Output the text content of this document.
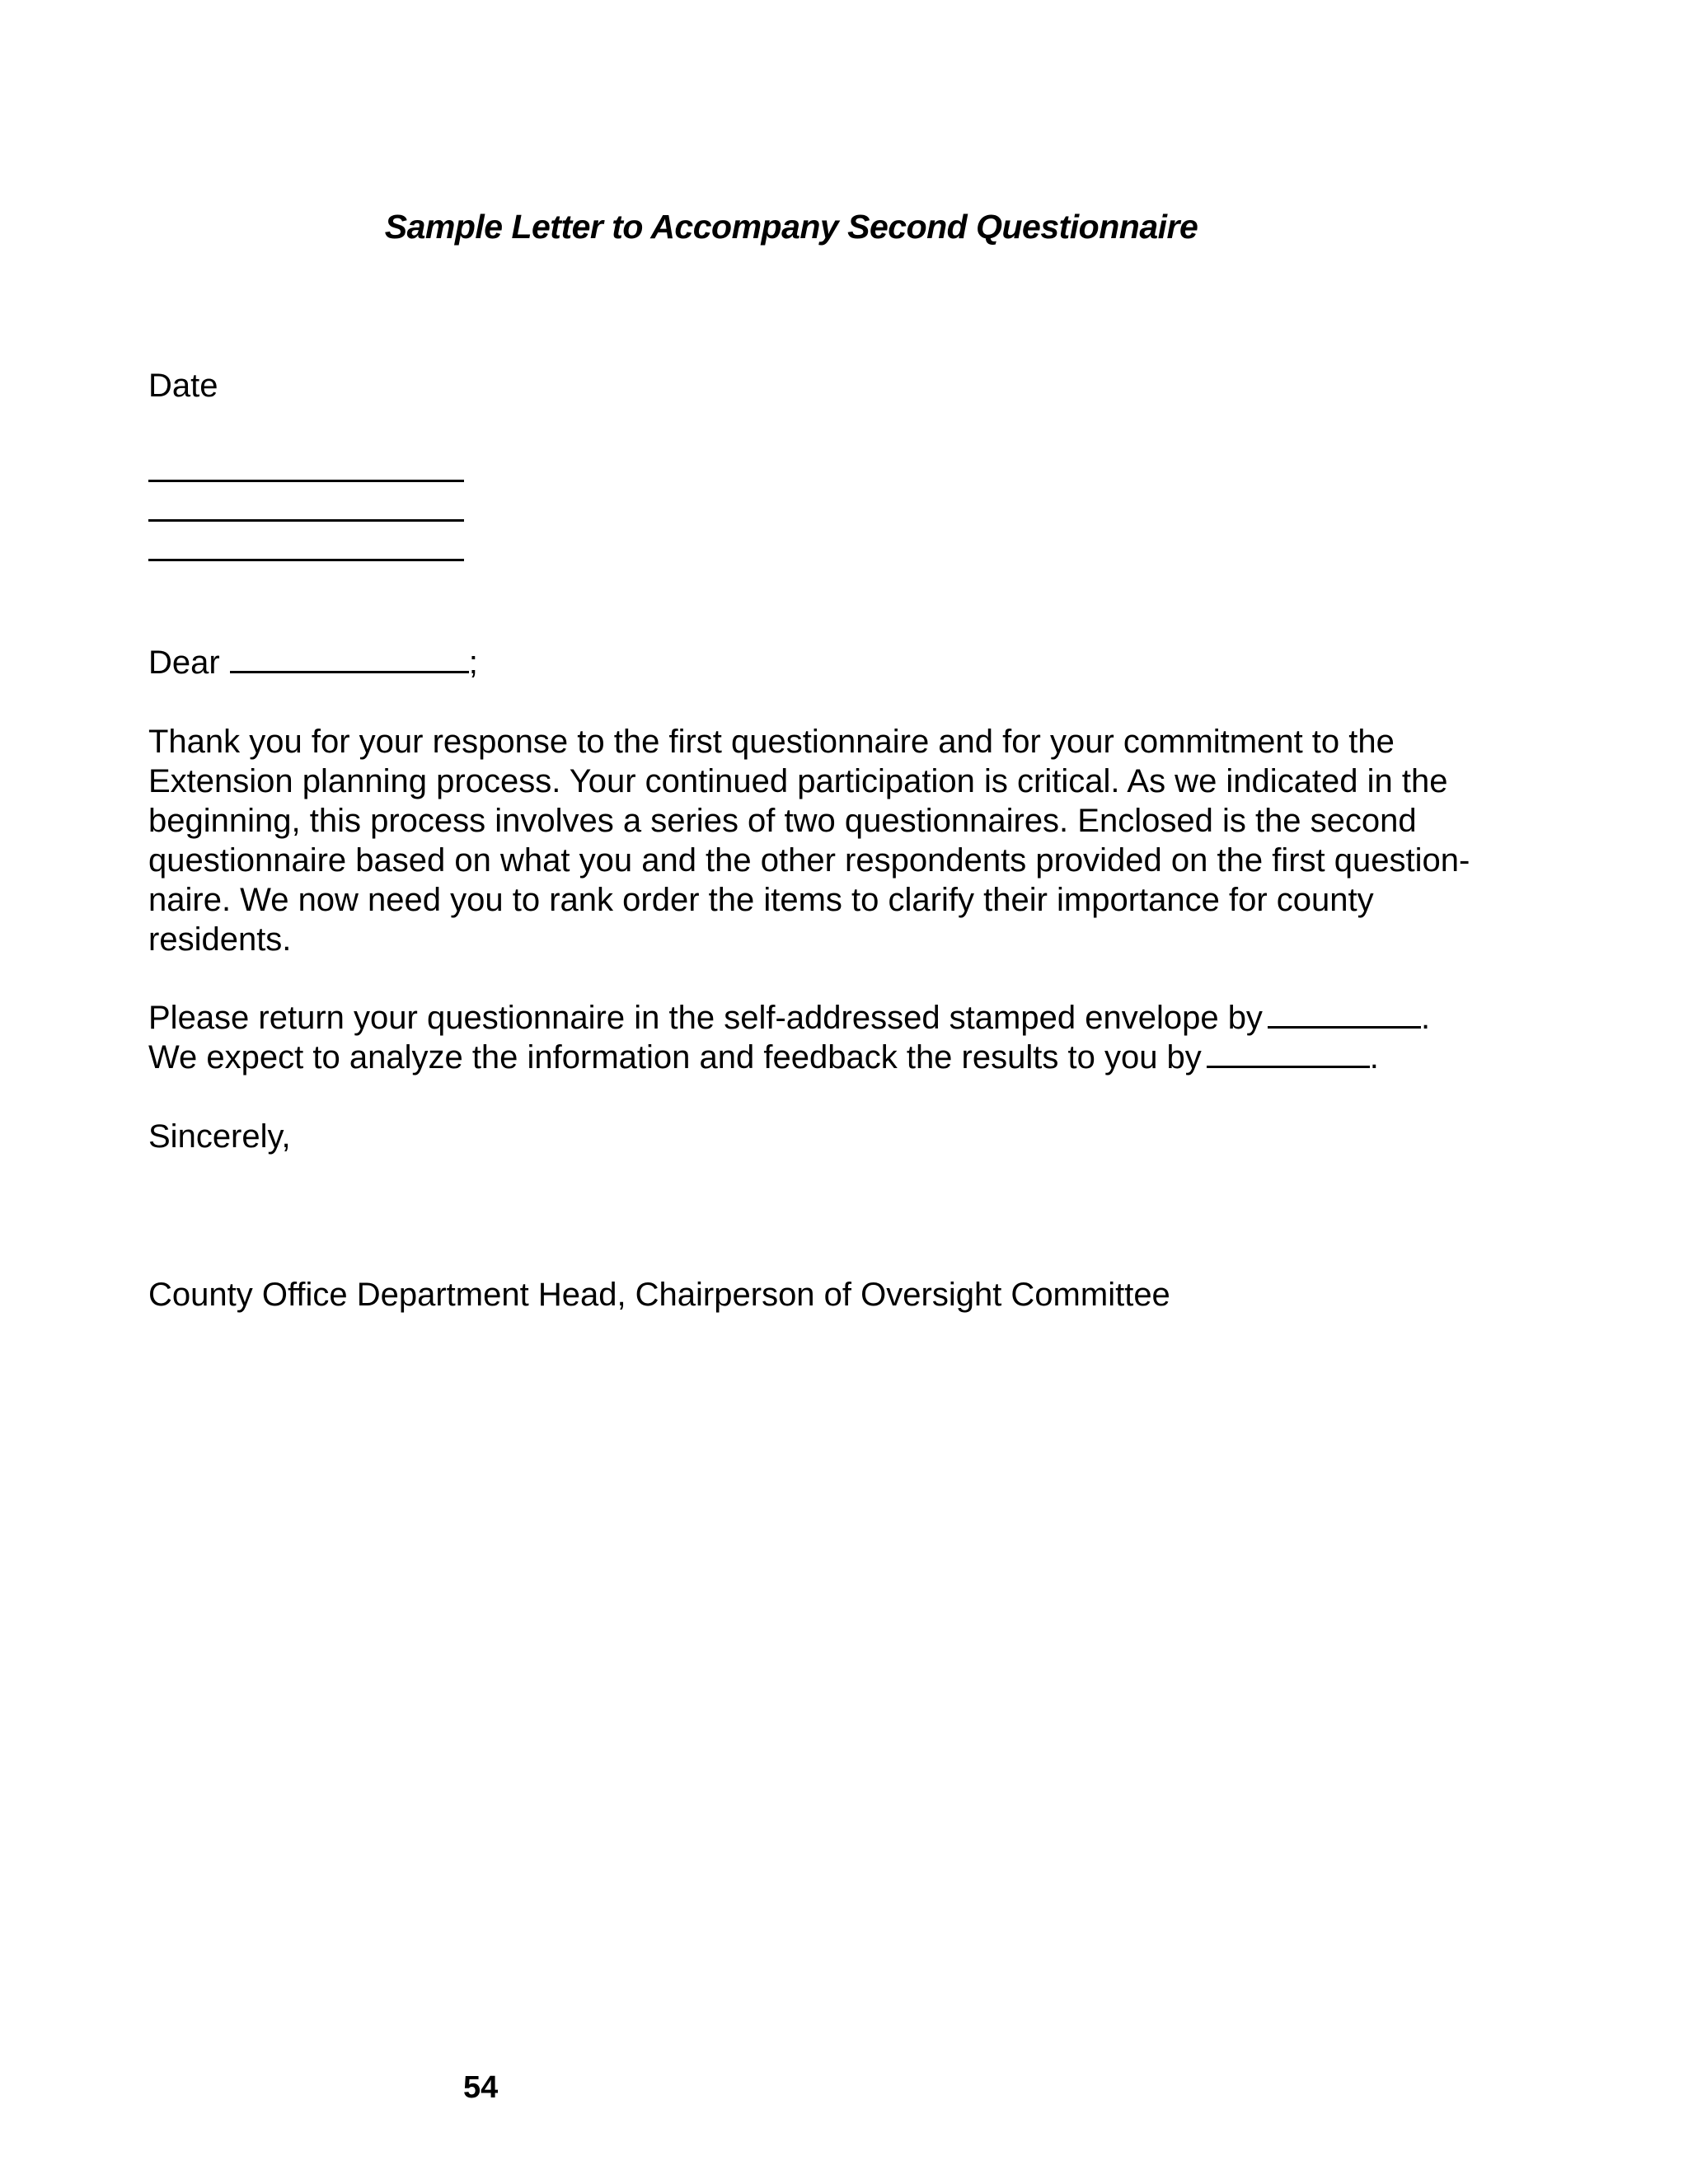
Sample Letter to Accompany Second Questionnaire
Date
Dear	;
Thank you for your response to the first questionnaire and for your commitment to the
Extension planning process. Your continued participation is critical. As we indicated in the
beginning, this process involves a series of two questionnaires. Enclosed is the second
questionnaire based on what you and the other respondents provided on the first question-
naire. We now need you to rank order the items to clarify their importance for county
residents.
Please return your questionnaire in the self-addressed stamped envelope by	.
We expect to analyze the information and feedback the results to you by	.
Sincerely,
County Office Department Head, Chairperson of Oversight Committee
54
